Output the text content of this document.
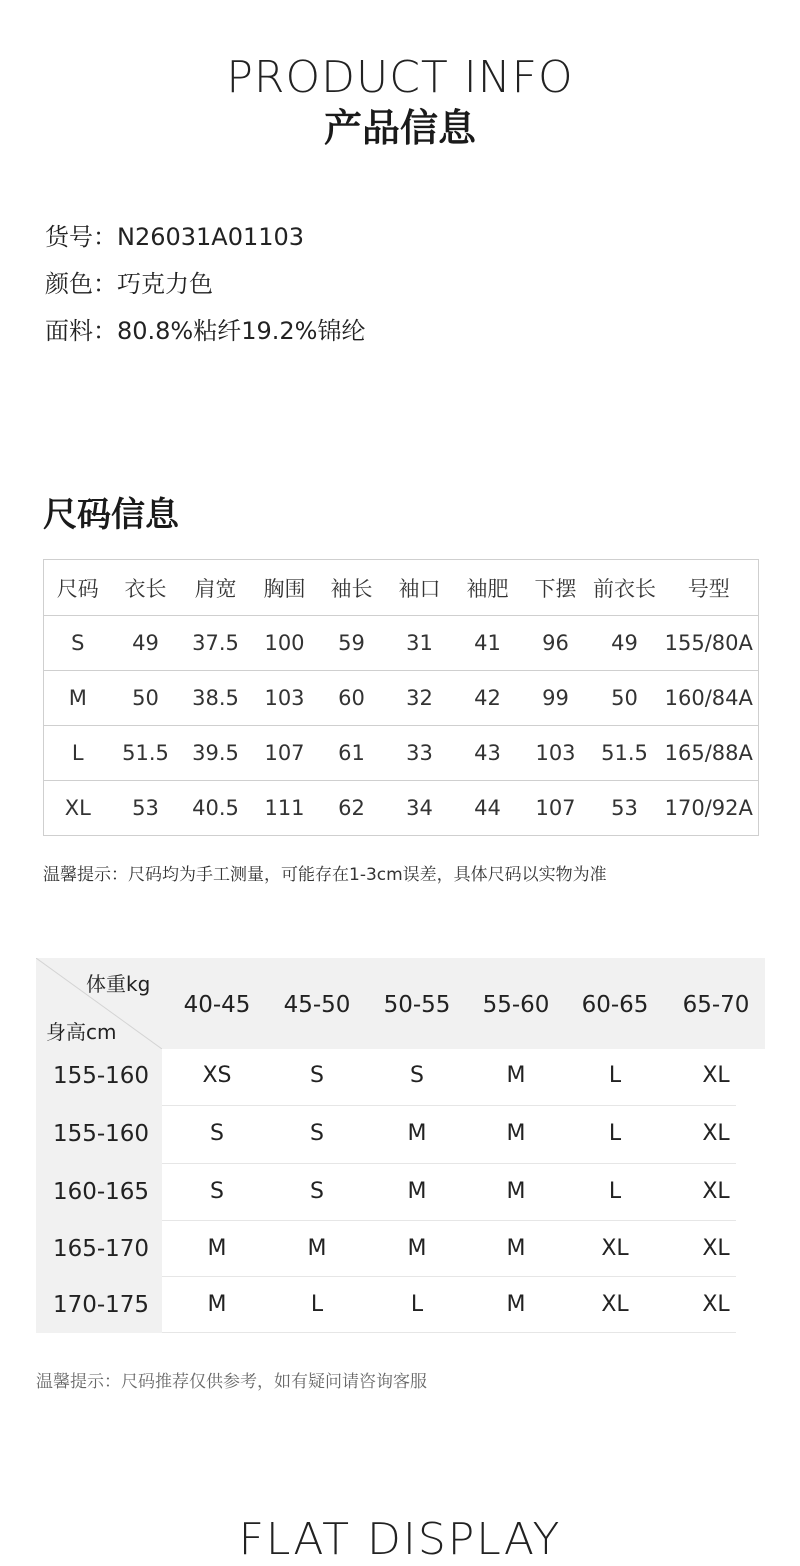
PRODUCT INFO
产品信息
货号：N26031A01103
颜色：巧克力色
面料：80.8%粘纤19.2%锦纶
尺码信息
尺码	衣长	肩宽	胸围	袖长	袖口	袖肥	下摆	前衣长	号型
S	49	37.5	100	59	31	41	96	49	155/80A
M	50	38.5	103	60	32	42	99	50	160/84A
L	51.5	39.5	107	61	33	43	103	51.5	165/88A
XL	53	40.5	111	62	34	44	107	53	170/92A
温馨提示：尺码均为手工测量，可能存在1-3cm误差，具体尺码以实物为准
体重kg
身高cm
40-45	45-50	50-55	55-60	60-65	65-70
155-160	XS	S	S	M	L	XL
155-160	S	S	M	M	L	XL
160-165	S	S	M	M	L	XL
165-170	M	M	M	M	XL	XL
170-175	M	L	L	M	XL	XL
温馨提示：尺码推荐仅供参考，如有疑问请咨询客服
FLAT DISPLAY
